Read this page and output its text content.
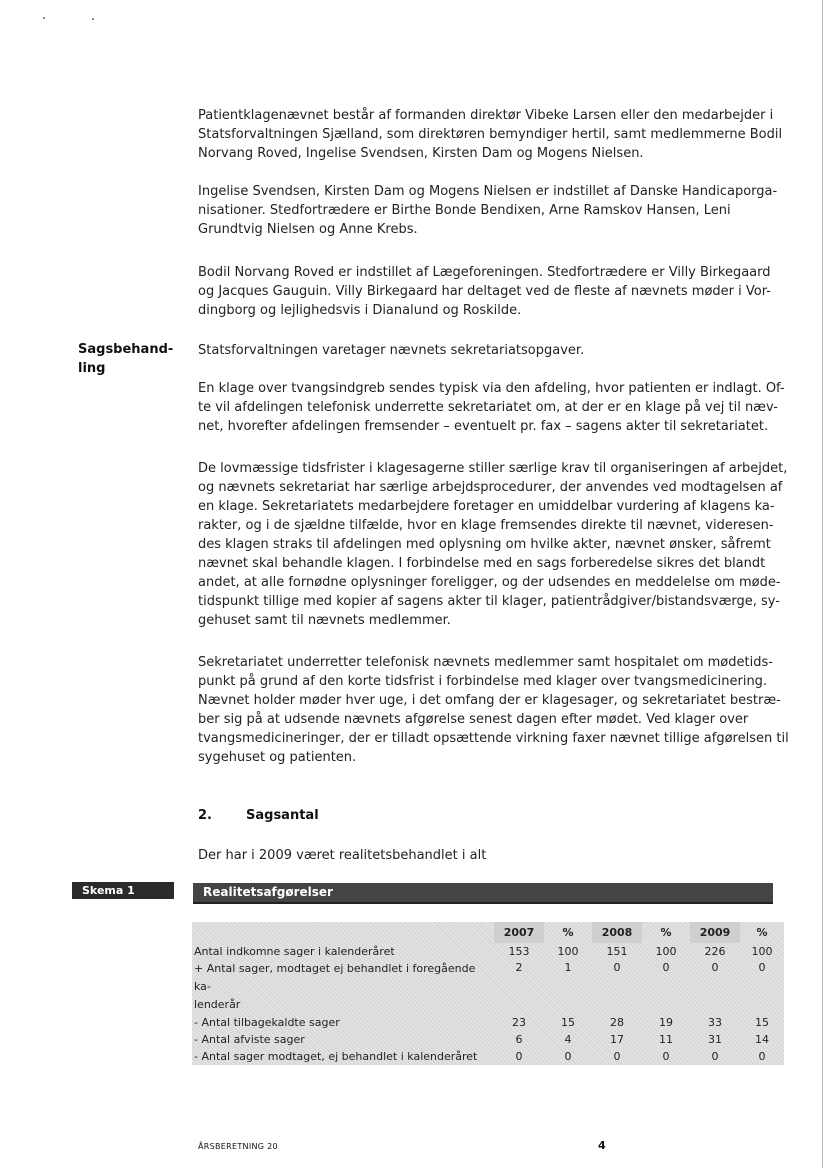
Patientklagenævnet består af formanden direktør Vibeke Larsen eller den medarbejder i
Statsforvaltningen Sjælland, som direktøren bemyndiger hertil, samt medlemmerne Bodil
Norvang Roved, Ingelise Svendsen, Kirsten Dam og Mogens Nielsen.

Ingelise Svendsen, Kirsten Dam og Mogens Nielsen er indstillet af Danske Handicaporga-
nisationer. Stedfortrædere er Birthe Bonde Bendixen, Arne Ramskov Hansen, Leni
Grundtvig Nielsen og Anne Krebs.

Bodil Norvang Roved er indstillet af Lægeforeningen. Stedfortrædere er Villy Birkegaard
og Jacques Gauguin. Villy Birkegaard har deltaget ved de fleste af nævnets møder i Vor-
dingborg og lejlighedsvis i Dianalund og Roskilde.

Sagsbehand-
ling

Statsforvaltningen varetager nævnets sekretariatsopgaver.

En klage over tvangsindgreb sendes typisk via den afdeling, hvor patienten er indlagt. Of-
te vil afdelingen telefonisk underrette sekretariatet om, at der er en klage på vej til næv-
net, hvorefter afdelingen fremsender – eventuelt pr. fax – sagens akter til sekretariatet.

De lovmæssige tidsfrister i klagesagerne stiller særlige krav til organiseringen af arbejdet,
og nævnets sekretariat har særlige arbejdsprocedurer, der anvendes ved modtagelsen af
en klage. Sekretariatets medarbejdere foretager en umiddelbar vurdering af klagens ka-
rakter, og i de sjældne tilfælde, hvor en klage fremsendes direkte til nævnet, videresen-
des klagen straks til afdelingen med oplysning om hvilke akter, nævnet ønsker, såfremt
nævnet skal behandle klagen. I forbindelse med en sags forberedelse sikres det blandt
andet, at alle fornødne oplysninger foreligger, og der udsendes en meddelelse om møde-
tidspunkt tillige med kopier af sagens akter til klager, patientrådgiver/bistandsværge, sy-
gehuset samt til nævnets medlemmer.

Sekretariatet underretter telefonisk nævnets medlemmer samt hospitalet om mødetids-
punkt på grund af den korte tidsfrist i forbindelse med klager over tvangsmedicinering.
Nævnet holder møder hver uge, i det omfang der er klagesager, og sekretariatet bestræ-
ber sig på at udsende nævnets afgørelse senest dagen efter mødet. Ved klager over
tvangsmedicineringer, der er tilladt opsættende virkning faxer nævnet tillige afgørelsen til
sygehuset og patienten.

2.	Sagsantal

Der har i 2009 været realitetsbehandlet i alt

Skema 1	Realitetsafgørelser
	2007	%	2008	%	2009	%
Antal indkomne sager i kalenderåret	153	100	151	100	226	100
+ Antal sager, modtaget ej behandlet i foregående ka-
lenderår	2	1	0	0	0	0
- Antal tilbagekaldte sager	23	15	28	19	33	15
- Antal afviste sager	6	4	17	11	31	14
- Antal sager modtaget, ej behandlet i kalenderåret	0	0	0	0	0	0
ÅRSBERETNING 20	4
